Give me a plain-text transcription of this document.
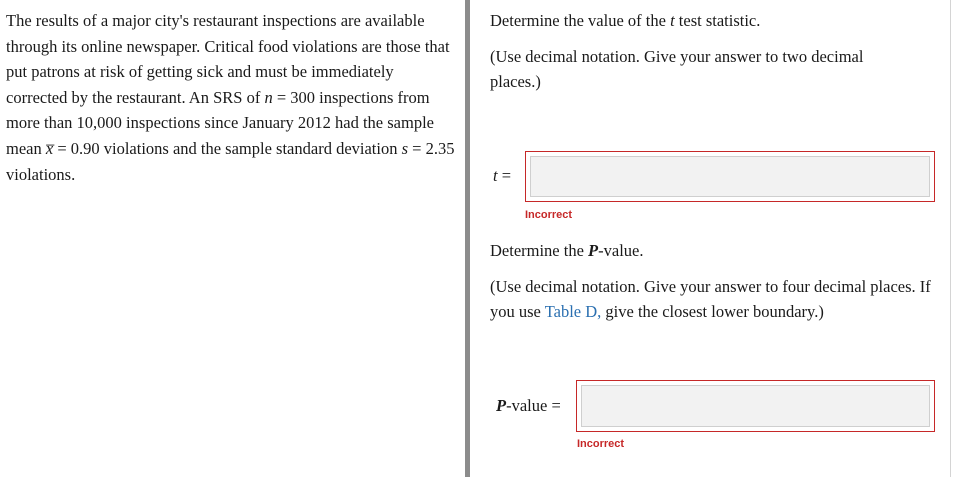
The results of a major city's restaurant inspections are available through its online newspaper. Critical food violations are those that put patrons at risk of getting sick and must be immediately corrected by the restaurant. An SRS of n = 300 inspections from more than 10,000 inspections since January 2012 had the sample mean x̅ = 0.90 violations and the sample standard deviation s = 2.35 violations.

Determine the value of the t test statistic.

(Use decimal notation. Give your answer to two decimal places.)

t =
Incorrect

Determine the P-value.

(Use decimal notation. Give your answer to four decimal places. If you use Table D, give the closest lower boundary.)

P-value =
Incorrect
